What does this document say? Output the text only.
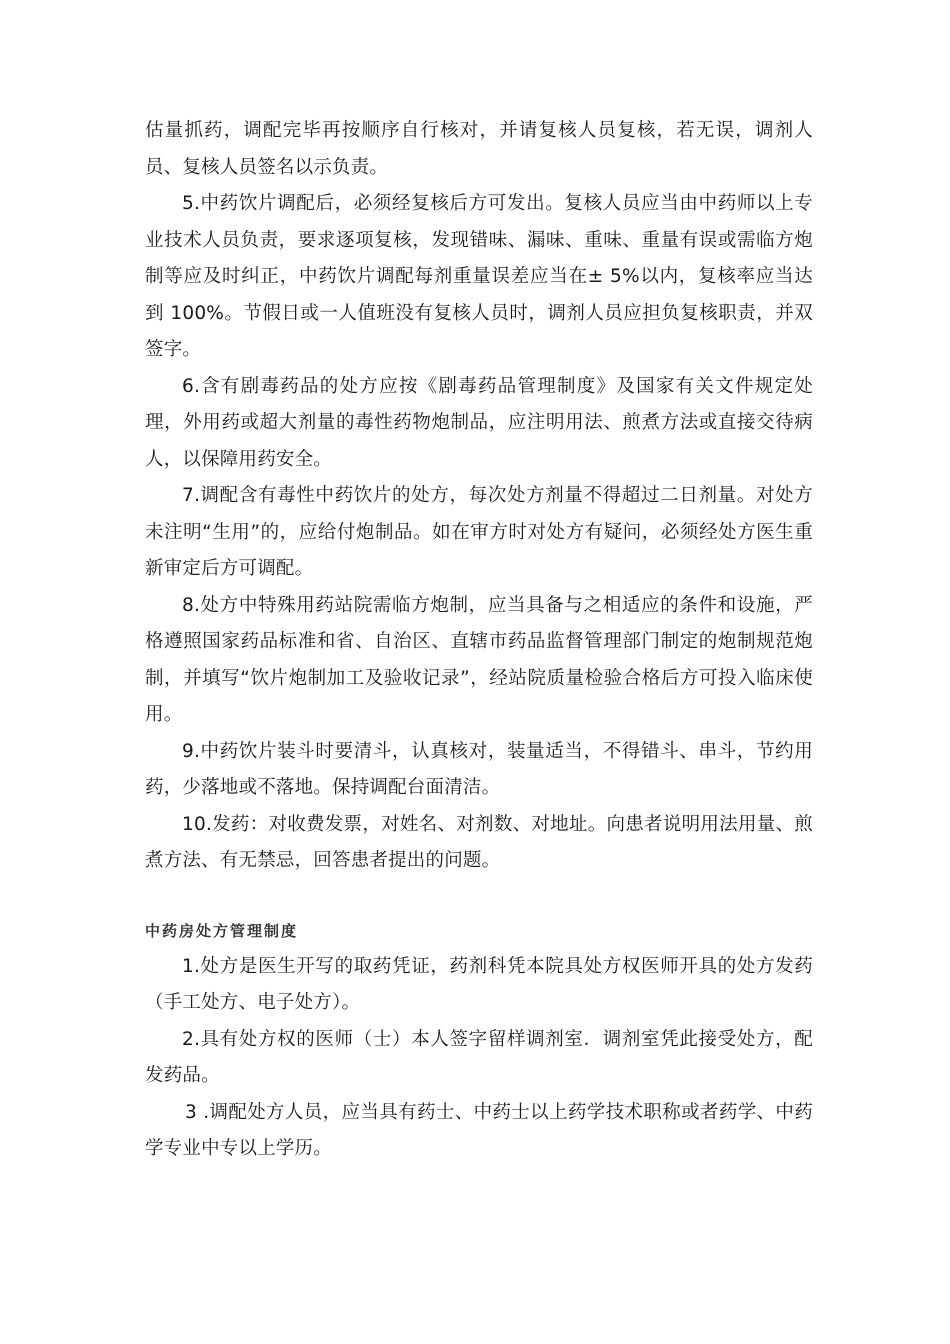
估量抓药，调配完毕再按顺序自行核对，并请复核人员复核，若无误，调剂人员、复核人员签名以示负责。

5.中药饮片调配后，必须经复核后方可发出。复核人员应当由中药师以上专业技术人员负责，要求逐项复核，发现错味、漏味、重味、重量有误或需临方炮制等应及时纠正，中药饮片调配每剂重量误差应当在± 5%以内，复核率应当达到 100%。节假日或一人值班没有复核人员时，调剂人员应担负复核职责，并双签字。

6.含有剧毒药品的处方应按《剧毒药品管理制度》及国家有关文件规定处理，外用药或超大剂量的毒性药物炮制品，应注明用法、煎煮方法或直接交待病人，以保障用药安全。

7.调配含有毒性中药饮片的处方，每次处方剂量不得超过二日剂量。对处方未注明“生用”的，应给付炮制品。如在审方时对处方有疑问，必须经处方医生重新审定后方可调配。

8.处方中特殊用药站院需临方炮制，应当具备与之相适应的条件和设施，严格遵照国家药品标准和省、自治区、直辖市药品监督管理部门制定的炮制规范炮制，并填写“饮片炮制加工及验收记录”，经站院质量检验合格后方可投入临床使用。

9.中药饮片装斗时要清斗，认真核对，装量适当，不得错斗、串斗，节约用药，少落地或不落地。保持调配台面清洁。

10.发药：对收费发票，对姓名、对剂数、对地址。向患者说明用法用量、煎煮方法、有无禁忌，回答患者提出的问题。

中药房处方管理制度

1.处方是医生开写的取药凭证，药剂科凭本院具处方权医师开具的处方发药（手工处方、电子处方）。

2.具有处方权的医师（士）本人签字留样调剂室．调剂室凭此接受处方，配发药品。

3 .调配处方人员，应当具有药士、中药士以上药学技术职称或者药学、中药学专业中专以上学历。
